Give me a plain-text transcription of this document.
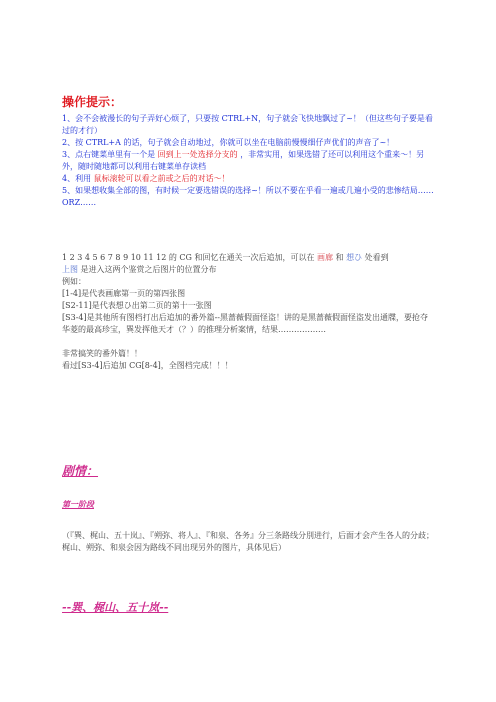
操作提示：

1、会不会被漫长的句子弄好心烦了，只要按 CTRL+N，句子就会飞快地飘过了~！（但这些句子要是看过的才行）

2、按 CTRL+A 的话，句子就会自动地过，你就可以坐在电脑前慢慢细仔声优们的声音了~！

3、点右键菜单里有一个是 回到上一处选择分支的 ，非常实用，如果选错了还可以利用这个重来～！另外，随时随地都可以利用右键菜单存读档

4、利用 鼠标滚轮可以看之前或之后的对话～！

5、如果想收集全部的图，有时候一定要选错误的选择~！所以不要在乎看一遍或几遍小受的悲惨结局……ORZ……

1 2 3 4 5 6 7 8 9 10 11 12 的 CG 和回忆在通关一次后追加，可以在 画廊 和 想ひ 处看到

上图 是进入这两个鉴赏之后图片的位置分布

例如：

[1-4]是代表画廊第一页的第四张图

[S2-11]是代表想ひ出第二页的第十一张图

[S3-4]是其他所有图档打出后追加的番外篇--黑蔷薇假面怪盗！讲的是黑蔷薇假面怪盗发出通牒，要抢夺华菱的最高珍宝，巽发挥他天才（？）的推理分析案情，结果………………

非常搞笑的番外篇！！

看过[S3-4]后追加 CG[8-4]，全图档完成！！！

剧情：
第一阶段
（『巽、梶山、五十岚』、『朔弥、将人』、『和泉、各务』分三条路线分別进行，后面才会产生各人的分歧；梶山、朔弥、和泉会因为路线不同出现另外的图片，具体见后）
--巽、梶山、五十岚--
